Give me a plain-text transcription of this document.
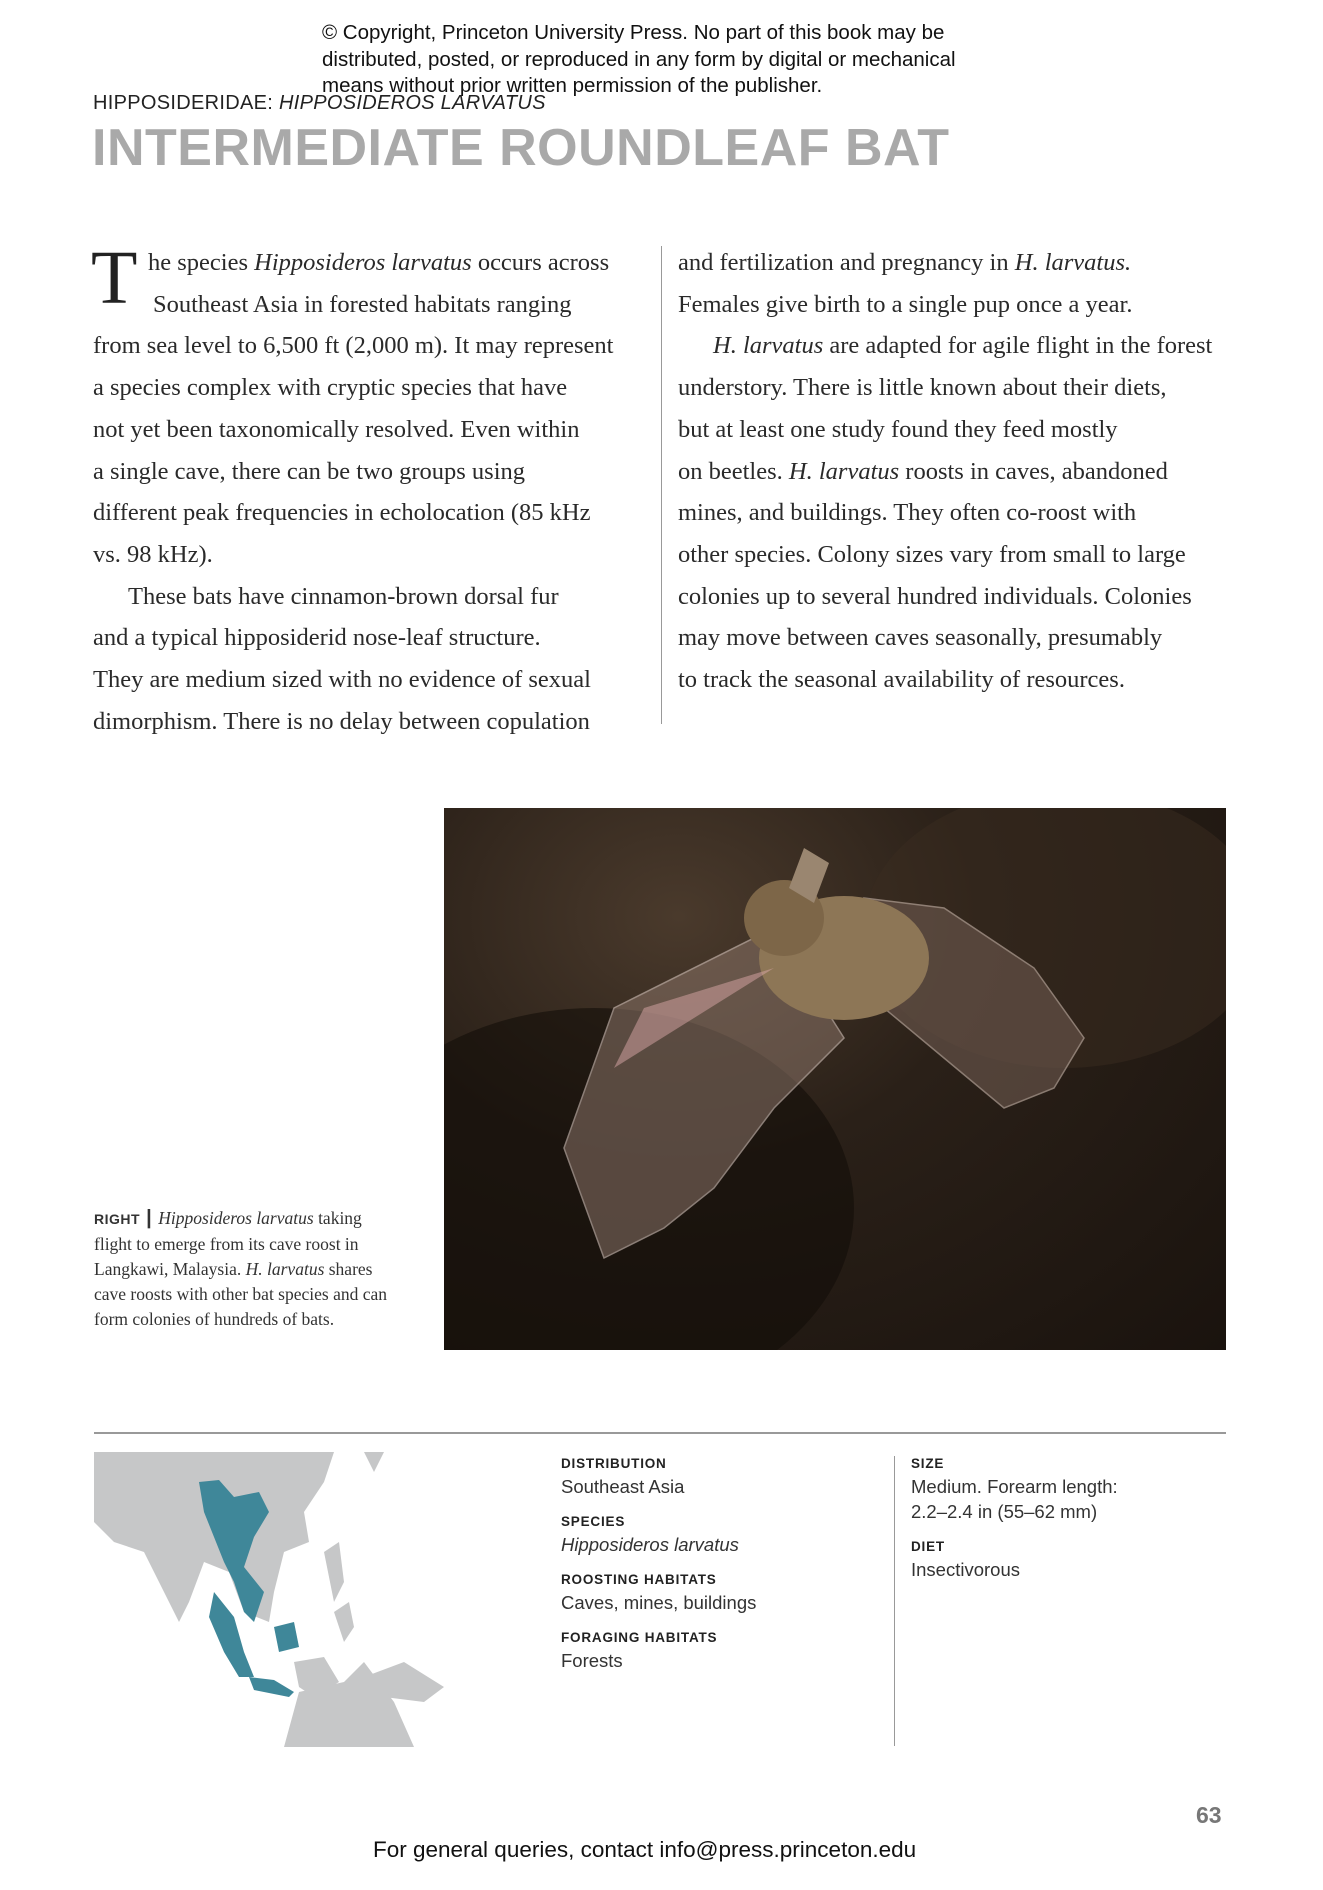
© Copyright, Princeton University Press. No part of this book may be
distributed, posted, or reproduced in any form by digital or mechanical
means without prior written permission of the publisher.
HIPPOSIDERIDAE: HIPPOSIDEROS LARVATUS
INTERMEDIATE ROUNDLEAF BAT
T he species Hipposideros larvatus occurs across
Southeast Asia in forested habitats ranging
from sea level to 6,500 ft (2,000 m). It may represent
a species complex with cryptic species that have
not yet been taxonomically resolved. Even within
a single cave, there can be two groups using
different peak frequencies in echolocation (85 kHz
vs. 98 kHz).
These bats have cinnamon-brown dorsal fur
and a typical hipposiderid nose-leaf structure.
They are medium sized with no evidence of sexual
dimorphism. There is no delay between copulation
and fertilization and pregnancy in H. larvatus.
Females give birth to a single pup once a year.
H. larvatus are adapted for agile flight in the forest
understory. There is little known about their diets,
but at least one study found they feed mostly
on beetles. H. larvatus roosts in caves, abandoned
mines, and buildings. They often co-roost with
other species. Colony sizes vary from small to large
colonies up to several hundred individuals. Colonies
may move between caves seasonally, presumably
to track the seasonal availability of resources.
RIGHT | Hipposideros larvatus taking flight to emerge from its cave roost in Langkawi, Malaysia. H. larvatus shares cave roosts with other bat species and can form colonies of hundreds of bats.
DISTRIBUTION
Southeast Asia
SPECIES
Hipposideros larvatus
ROOSTING HABITATS
Caves, mines, buildings
FORAGING HABITATS
Forests
SIZE
Medium. Forearm length: 2.2–2.4 in (55–62 mm)
DIET
Insectivorous
63
For general queries, contact info@press.princeton.edu
